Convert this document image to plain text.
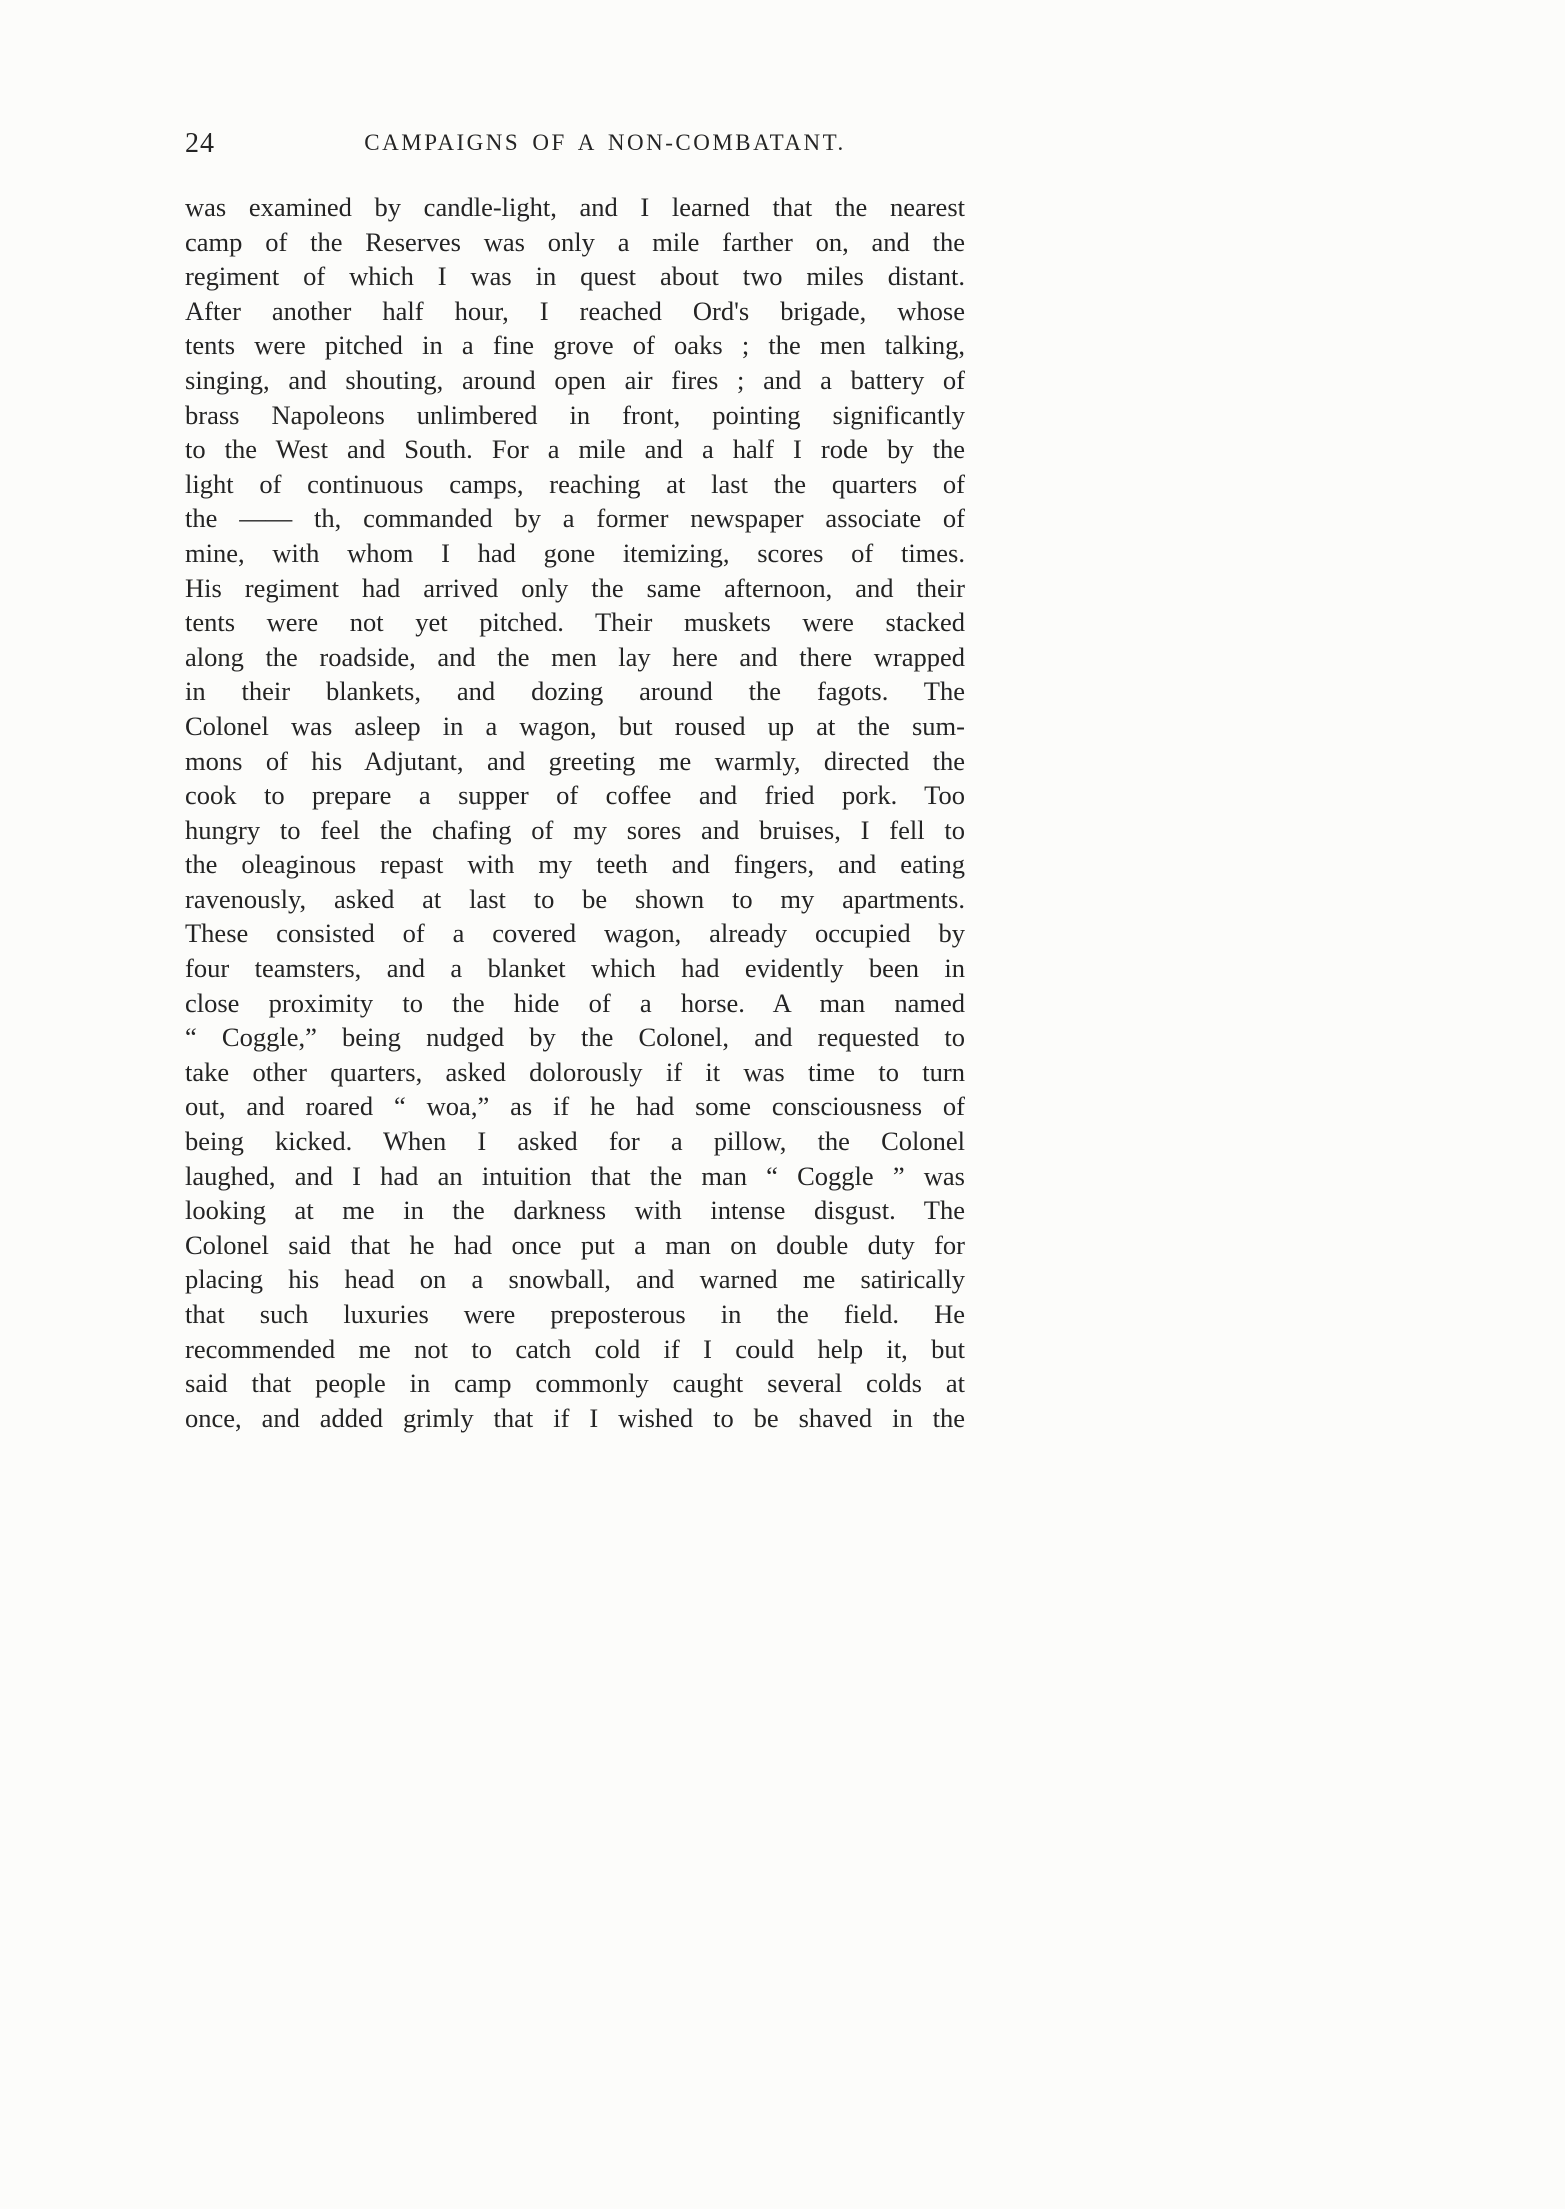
24	CAMPAIGNS OF A NON-COMBATANT.
was examined by candle-light, and I learned that the nearest
camp of the Reserves was only a mile farther on, and the
regiment of which I was in quest about two miles distant.
After another half hour, I reached Ord's brigade, whose
tents were pitched in a fine grove of oaks ; the men talking,
singing, and shouting, around open air fires ; and a battery of
brass Napoleons unlimbered in front, pointing significantly
to the West and South. For a mile and a half I rode by the
light of continuous camps, reaching at last the quarters of
the —— th, commanded by a former newspaper associate of
mine, with whom I had gone itemizing, scores of times.
His regiment had arrived only the same afternoon, and their
tents were not yet pitched. Their muskets were stacked
along the roadside, and the men lay here and there wrapped
in their blankets, and dozing around the fagots. The
Colonel was asleep in a wagon, but roused up at the sum-
mons of his Adjutant, and greeting me warmly, directed the
cook to prepare a supper of coffee and fried pork. Too
hungry to feel the chafing of my sores and bruises, I fell to
the oleaginous repast with my teeth and fingers, and eating
ravenously, asked at last to be shown to my apartments.
These consisted of a covered wagon, already occupied by
four teamsters, and a blanket which had evidently been in
close proximity to the hide of a horse. A man named
“ Coggle,” being nudged by the Colonel, and requested to
take other quarters, asked dolorously if it was time to turn
out, and roared “ woa,” as if he had some consciousness of
being kicked. When I asked for a pillow, the Colonel
laughed, and I had an intuition that the man “ Coggle ” was
looking at me in the darkness with intense disgust. The
Colonel said that he had once put a man on double duty for
placing his head on a snowball, and warned me satirically
that such luxuries were preposterous in the field. He
recommended me not to catch cold if I could help it, but
said that people in camp commonly caught several colds at
once, and added grimly that if I wished to be shaved in the
